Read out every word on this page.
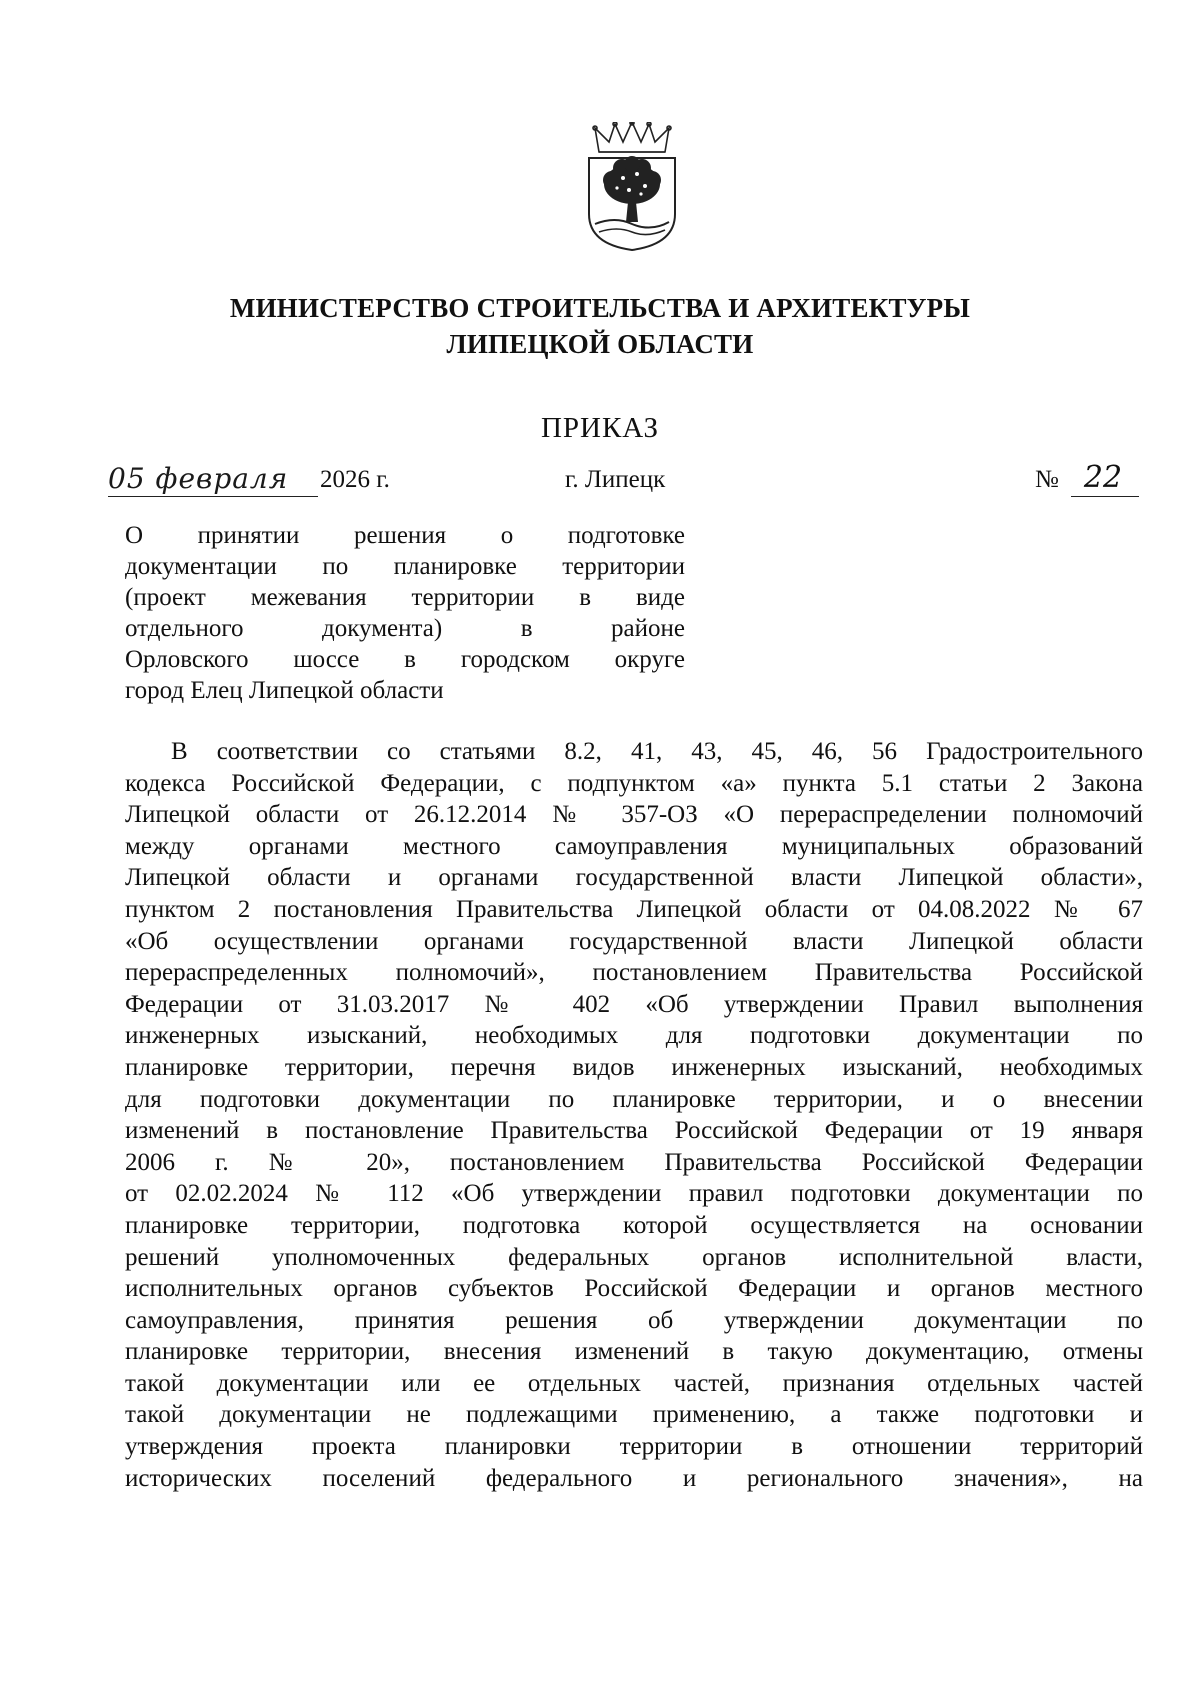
МИНИСТЕРСТВО СТРОИТЕЛЬСТВА И АРХИТЕКТУРЫ
ЛИПЕЦКОЙ ОБЛАСТИ
ПРИКАЗ
05 февраля	2026 г.	г. Липецк	№ 22
О принятии решения о подготовке
документации по планировке территории
(проект межевания территории в виде
отдельного документа) в районе
Орловского шоссе в городском округе
город Елец Липецкой области
В соответствии со статьями 8.2, 41, 43, 45, 46, 56 Градостроительного
кодекса Российской Федерации, с подпунктом «а» пункта 5.1 статьи 2 Закона
Липецкой области от 26.12.2014 № 357-ОЗ «О перераспределении полномочий
между органами местного самоуправления муниципальных образований
Липецкой области и органами государственной власти Липецкой области»,
пунктом 2 постановления Правительства Липецкой области от 04.08.2022 № 67
«Об осуществлении органами государственной власти Липецкой области
перераспределенных полномочий», постановлением Правительства Российской
Федерации от 31.03.2017 № 402 «Об утверждении Правил выполнения
инженерных изысканий, необходимых для подготовки документации по
планировке территории, перечня видов инженерных изысканий, необходимых
для подготовки документации по планировке территории, и о внесении
изменений в постановление Правительства Российской Федерации от 19 января
2006 г. № 20», постановлением Правительства Российской Федерации
от 02.02.2024 № 112 «Об утверждении правил подготовки документации по
планировке территории, подготовка которой осуществляется на основании
решений уполномоченных федеральных органов исполнительной власти,
исполнительных органов субъектов Российской Федерации и органов местного
самоуправления, принятия решения об утверждении документации по
планировке территории, внесения изменений в такую документацию, отмены
такой документации или ее отдельных частей, признания отдельных частей
такой документации не подлежащими применению, а также подготовки и
утверждения проекта планировки территории в отношении территорий
исторических поселений федерального и регионального значения», на
